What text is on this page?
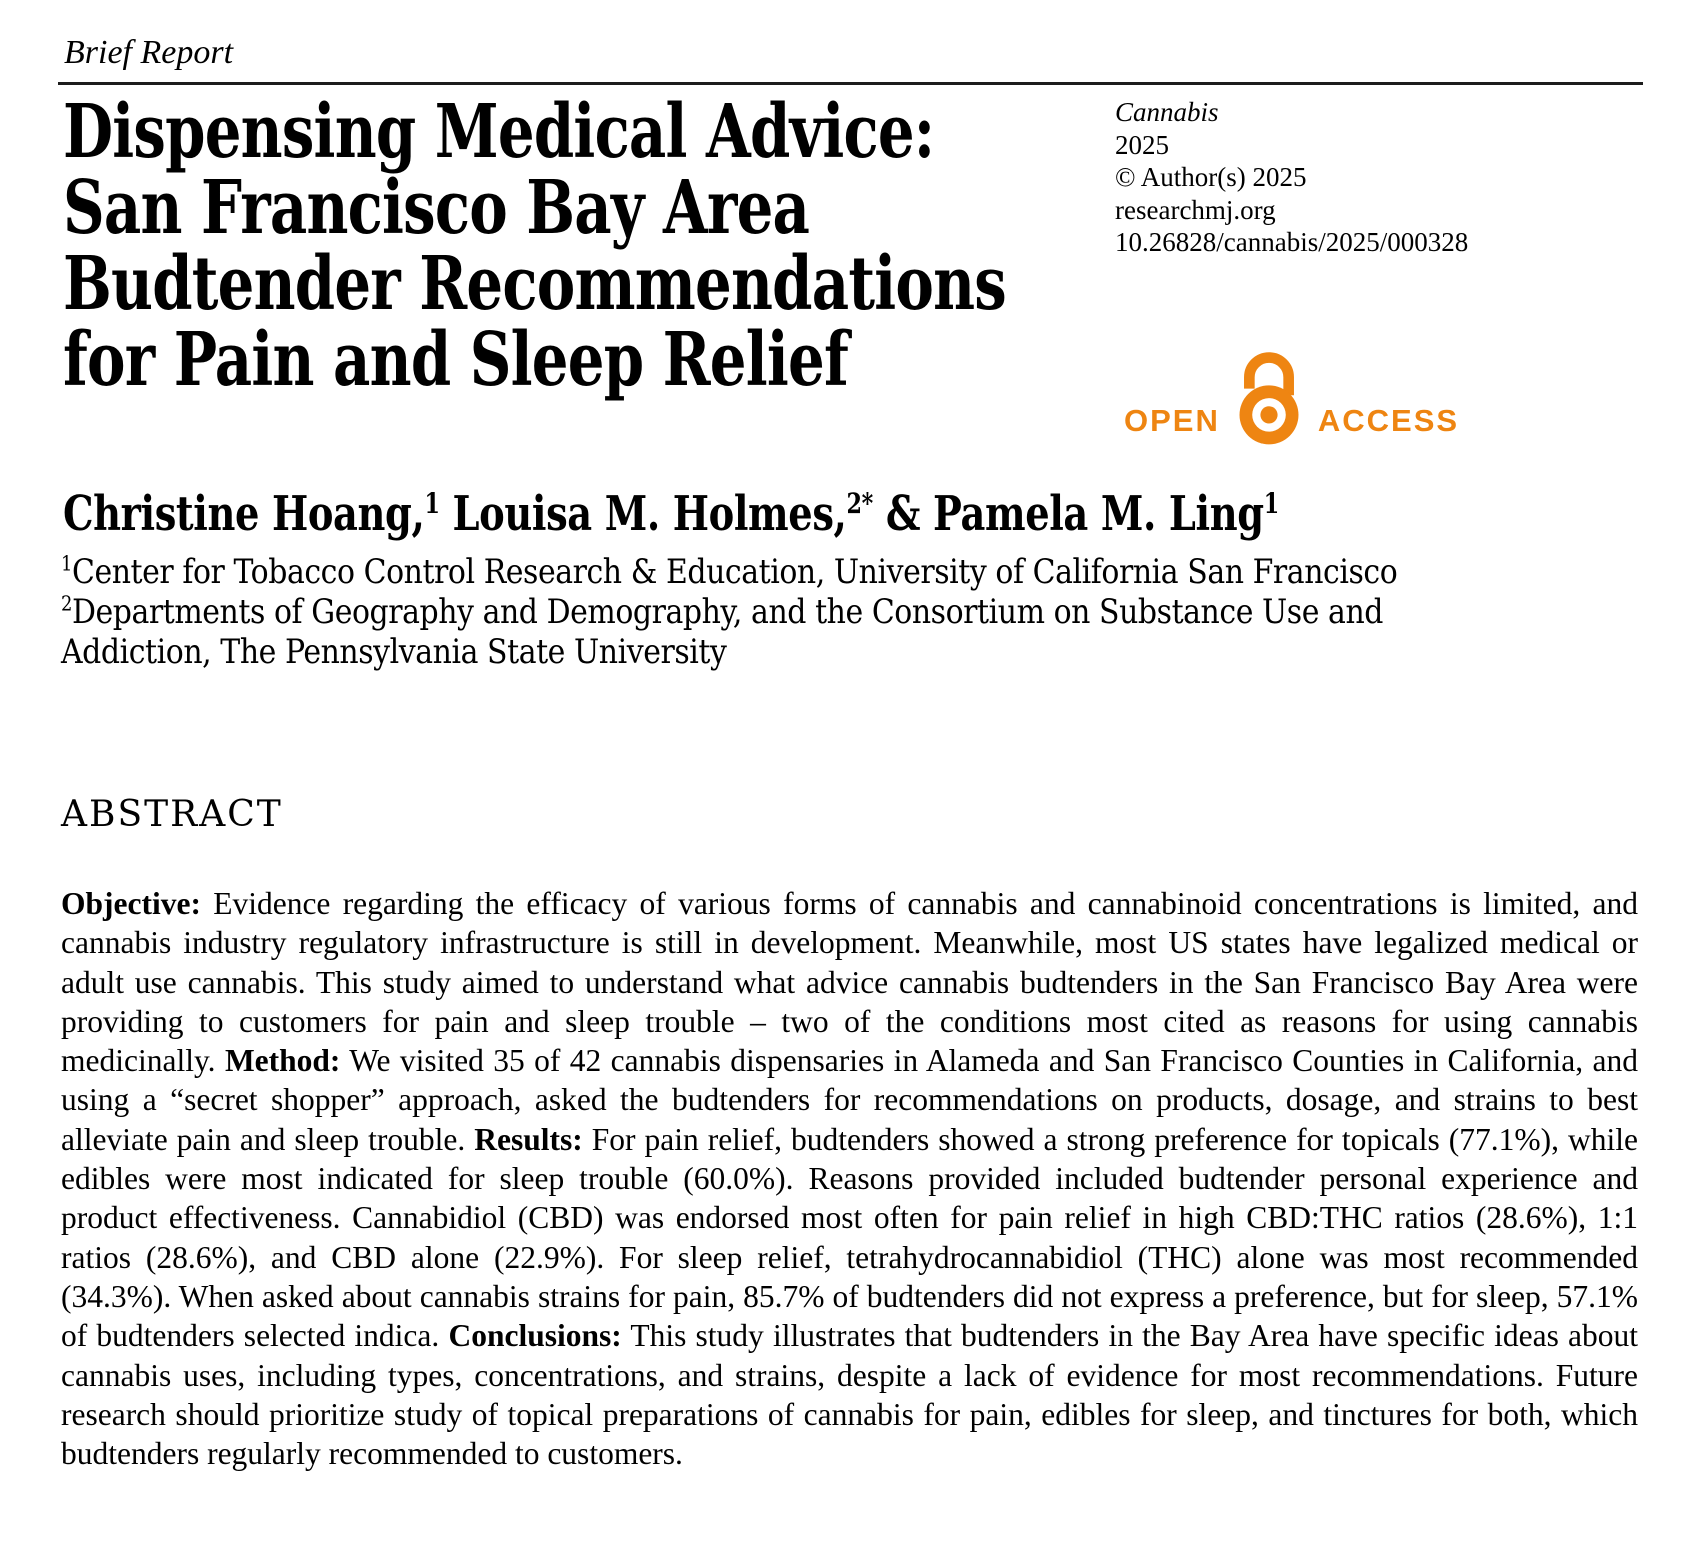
Brief Report
Dispensing Medical Advice:
San Francisco Bay Area
Budtender Recommendations
for Pain and Sleep Relief
Cannabis
2025
© Author(s) 2025
researchmj.org
10.26828/cannabis/2025/000328
OPEN	ACCESS
Christine Hoang,$^1$ Louisa M. Holmes,$^{2*}$ & Pamela M. Ling$^1$
$^1$Center for Tobacco Control Research & Education, University of California San Francisco
$^2$Departments of Geography and Demography, and the Consortium on Substance Use and Addiction, The Pennsylvania State University
ABSTRACT

Objective: Evidence regarding the efficacy of various forms of cannabis and cannabinoid concentrations is limited, and cannabis industry regulatory infrastructure is still in development. Meanwhile, most US states have legalized medical or adult use cannabis. This study aimed to understand what advice cannabis budtenders in the San Francisco Bay Area were providing to customers for pain and sleep trouble – two of the conditions most cited as reasons for using cannabis medicinally. Method: We visited 35 of 42 cannabis dispensaries in Alameda and San Francisco Counties in California, and using a “secret shopper” approach, asked the budtenders for recommendations on products, dosage, and strains to best alleviate pain and sleep trouble. Results: For pain relief, budtenders showed a strong preference for topicals (77.1%), while edibles were most indicated for sleep trouble (60.0%). Reasons provided included budtender personal experience and product effectiveness. Cannabidiol (CBD) was endorsed most often for pain relief in high CBD:THC ratios (28.6%), 1:1 ratios (28.6%), and CBD alone (22.9%). For sleep relief, tetrahydrocannabidiol (THC) alone was most recommended (34.3%). When asked about cannabis strains for pain, 85.7% of budtenders did not express a preference, but for sleep, 57.1% of budtenders selected indica. Conclusions: This study illustrates that budtenders in the Bay Area have specific ideas about cannabis uses, including types, concentrations, and strains, despite a lack of evidence for most recommendations. Future research should prioritize study of topical preparations of cannabis for pain, edibles for sleep, and tinctures for both, which budtenders regularly recommended to customers.
